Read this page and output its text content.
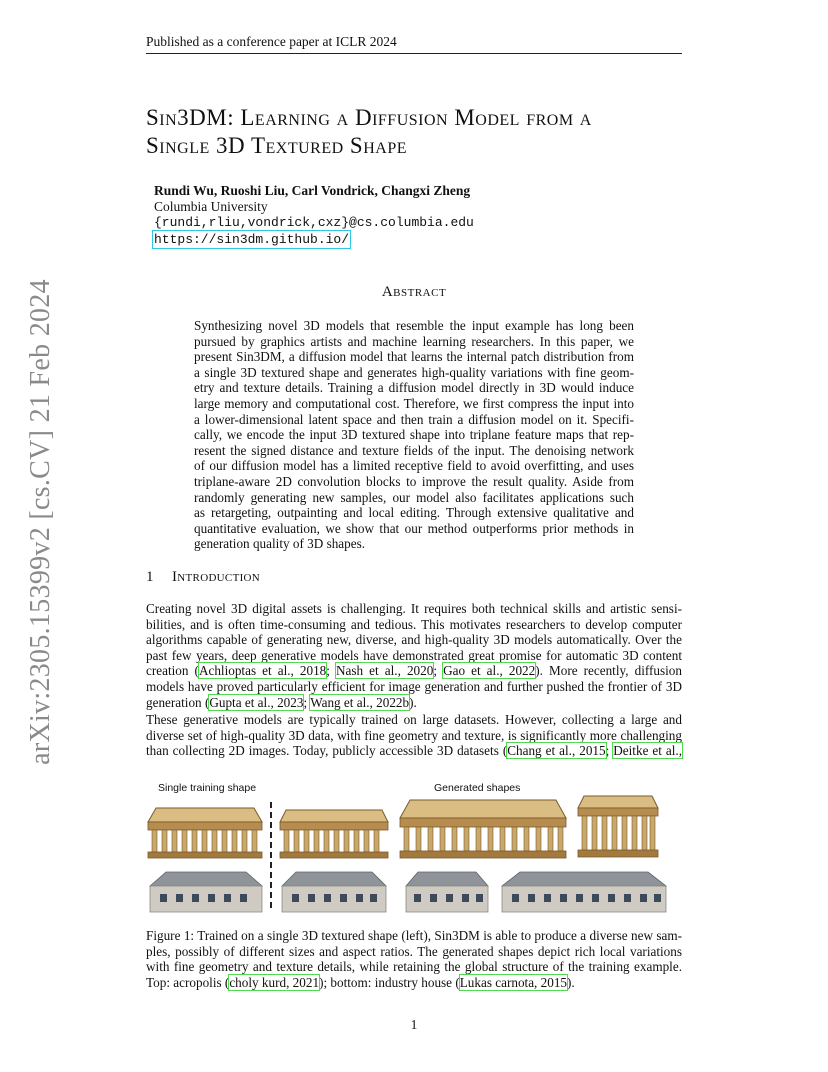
Published as a conference paper at ICLR 2024
arXiv:2305.15399v2 [cs.CV] 21 Feb 2024
Sin3DM: Learning a Diffusion Model from a
Single 3D Textured Shape
Rundi Wu, Ruoshi Liu, Carl Vondrick, Changxi Zheng
Columbia University
{rundi,rliu,vondrick,cxz}@cs.columbia.edu
https://sin3dm.github.io/
Abstract
Synthesizing novel 3D models that resemble the input example has long been
pursued by graphics artists and machine learning researchers. In this paper, we
present Sin3DM, a diffusion model that learns the internal patch distribution from
a single 3D textured shape and generates high-quality variations with fine geom-
etry and texture details. Training a diffusion model directly in 3D would induce
large memory and computational cost. Therefore, we first compress the input into
a lower-dimensional latent space and then train a diffusion model on it. Specifi-
cally, we encode the input 3D textured shape into triplane feature maps that rep-
resent the signed distance and texture fields of the input. The denoising network
of our diffusion model has a limited receptive field to avoid overfitting, and uses
triplane-aware 2D convolution blocks to improve the result quality. Aside from
randomly generating new samples, our model also facilitates applications such
as retargeting, outpainting and local editing. Through extensive qualitative and
quantitative evaluation, we show that our method outperforms prior methods in
generation quality of 3D shapes.
1 Introduction
Creating novel 3D digital assets is challenging. It requires both technical skills and artistic sensi-
bilities, and is often time-consuming and tedious. This motivates researchers to develop computer
algorithms capable of generating new, diverse, and high-quality 3D models automatically. Over the
past few years, deep generative models have demonstrated great promise for automatic 3D content
creation (Achlioptas et al., 2018; Nash et al., 2020; Gao et al., 2022). More recently, diffusion
models have proved particularly efficient for image generation and further pushed the frontier of 3D
generation (Gupta et al., 2023; Wang et al., 2022b).
These generative models are typically trained on large datasets. However, collecting a large and
diverse set of high-quality 3D data, with fine geometry and texture, is significantly more challenging
than collecting 2D images. Today, publicly accessible 3D datasets (Chang et al., 2015; Deitke et al.,
Single training shape	Generated shapes
Figure 1: Trained on a single 3D textured shape (left), Sin3DM is able to produce a diverse new sam-
ples, possibly of different sizes and aspect ratios. The generated shapes depict rich local variations
with fine geometry and texture details, while retaining the global structure of the training example.
Top: acropolis (choly kurd, 2021); bottom: industry house (Lukas carnota, 2015).
1
